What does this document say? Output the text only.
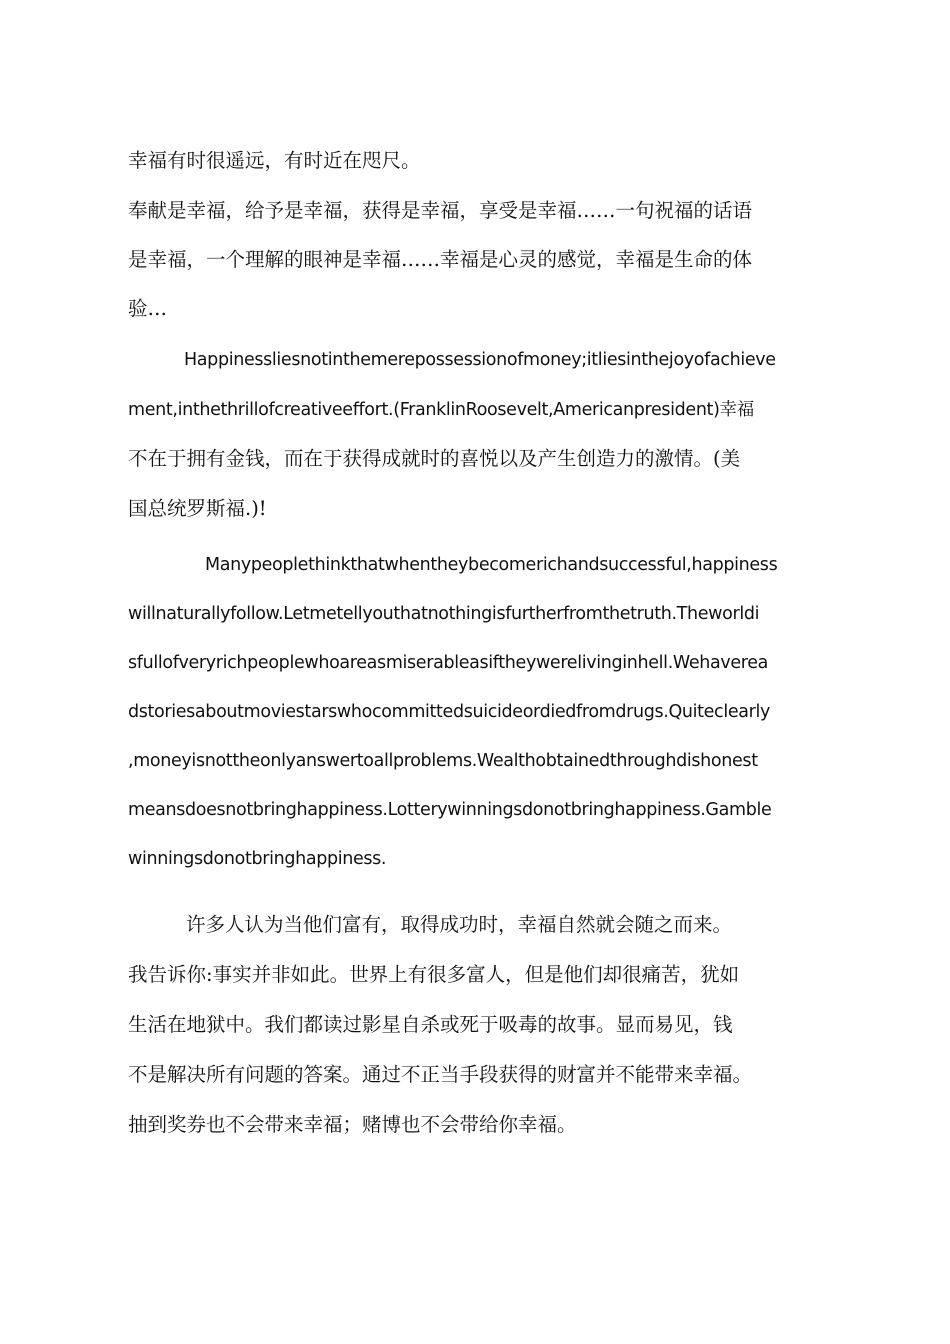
幸福有时很遥远，有时近在咫尺。
奉献是幸福，给予是幸福，获得是幸福，享受是幸福……一句祝福的话语
是幸福，一个理解的眼神是幸福……幸福是心灵的感觉，幸福是生命的体
验…
Happinessliesnotinthemerepossessionofmoney;itliesinthejoyofachieve
ment,inthethrillofcreativeeffort.(FranklinRoosevelt,Americanpresident)幸福
不在于拥有金钱，而在于获得成就时的喜悦以及产生创造力的激情。(美
国总统罗斯福.)!
Manypeoplethinkthatwhentheybecomerichandsuccessful,happiness
willnaturallyfollow.Letmetellyouthatnothingisfurtherfromthetruth.Theworldi
sfullofveryrichpeoplewhoareasmiserableasiftheywerelivinginhell.Wehaverea
dstoriesaboutmoviestarswhocommittedsuicideordiedfromdrugs.Quiteclearly
,moneyisnottheonlyanswertoallproblems.Wealthobtainedthroughdishonest
meansdoesnotbringhappiness.Lotterywinningsdonotbringhappiness.Gamble
winningsdonotbringhappiness.
许多人认为当他们富有，取得成功时，幸福自然就会随之而来。
我告诉你:事实并非如此。世界上有很多富人，但是他们却很痛苦，犹如
生活在地狱中。我们都读过影星自杀或死于吸毒的故事。显而易见，钱
不是解决所有问题的答案。通过不正当手段获得的财富并不能带来幸福。
抽到奖券也不会带来幸福；赌博也不会带给你幸福。
